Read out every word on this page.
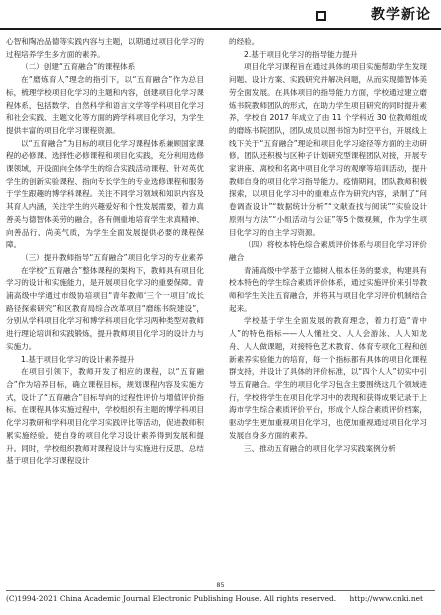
教学新论

心智和陶冶品德等实践内容与主题，以期通过项目化学习的过程培养学生多方面的素养。

（二）创建“五育融合”的课程体系

在“磨炼育人”理念的指引下，以“五育融合”作为总目标，梳理学校项目化学习的主题和内容，创建项目化学习课程体系，包括数学、自然科学和语言文学等学科项目化学习和社会实践、主题文化等方面的跨学科项目化学习，为学生提供丰富的项目化学习课程资源。

以“五育融合”为目标的项目化学习课程体系兼顾国家课程的必修课、选择性必修课程和项目化实践，充分利用选修课领域，开设面向全体学生的综合实践活动课程、针对英优学生的创新实验课程、指向专长学生的专业选修课程和服务于学生跟趣的博学科课程。关注不同学习领域和知识内容及其育人内涵，关注学生的兴趣爱好和个性发展需要，着力真善美与德智体美劳的融合，各有侧重地培育学生求真精神、向善品行、尚美气质，为学生全面发展提供必要的课程保障。

（三）提升教师指导“五育融合”项目化学习的专业素养

在学校“五育融合”整体课程的架构下，教师具有项目化学习的设计和实施能力，是开展项目化学习的重要保障。青浦高级中学通过市级协培项目“青年教师‘三个一项目’成长路径探索研究”和区教育局综合改革项目“磨练书院建设”，分别从学科项目化学习和博学科项目化学习两种类型对教师进行理论培训和实践锻炼，提升教师项目化学习的设计力与实施力。

1.基于项目化学习的设计素养提升

在项目引领下，教师开发了相应的课程，以“五育融合”作为培养目标，确立课程目标，规划课程内容及实施方式，设计了“五育融合”目标导向的过程性评价与增值评价指标。在课程具体实施过程中，学校组织有主题的博学科项目化学习教研和学科项目化学习实践评比等活动，促进教师积累实施经验。使自身的项目化学习设计素养得到发展和提升。同时，学校组织教师对课程设计与实施进行反思、总结基于项目化学习课程设计

的经验。

2.基于项目化学习的指导能力提升

项目化学习课程旨在通过具体的项目实施帮助学生发现问题、设计方案、实践研究并解决问题，从而实现德智体美劳全面发展。在具体项目的指导能力方面，学校通过建立磨炼书院教师团队的形式，在助力学生项目研究的同时提升素养，学校自 2017 年成立了由 11 个学科近 30 位教师组成的磨练书院团队，团队成员以图书馆为时空平台，开展线上线下关于“五育融合”理论和项目化学习途径等方面的主动研修。团队还积极与区种子计划研究型课程团队对接，开展专家讲座、离校和名离中项目化学习的观摩等培训活动，提升教师自身的项目化学习指导能力。疫情期间，团队教师积极探索，以项目化学习中的重难点作为研究内容，录制了“问卷调查设计”“数据统计分析”“文献查找与阅读”“实验设计原则与方法”“小组活动与公证”等5个微视频，作为学生项目化学习的自主学习资源。

（四）将校本特色综合素质评价体系与项目化学习评价融合

青浦高级中学基于立德树人根本任务的要求，构建具有校本特色的学生综合素质评价体系，通过实施评价来引导教师和学生关注五育融合，并将其与项目化学习评价机制结合起来。

学校基于学生全面发展的教育理念，着力打造“青中人”的特色指标——人人懂社交、人人会游泳、人人知龙舟、人人做课题，对接特色艺术教育、体育专项化工程和创新素养实验能力的培育，每一个指标都有具体的项目化课程群支持，并设计了具体的评价标准，以“四个人人”切实中引导五育融合。学生的项目化学习包含主要围绕这几个领域进行，学校将学生在项目化学习中的表现和获得成果记录于上海市学生综合素质评价平台，形成个人综合素质评价档案，驱动学生更加重视项目化学习，也使加重视通过项目化学习发展自身多方面的素养。

三、推动五育融合的项目化学习实践案例分析

85
(C)1994-2021 China Academic Journal Electronic Publishing House. All rights reserved. http://www.cnki.net
